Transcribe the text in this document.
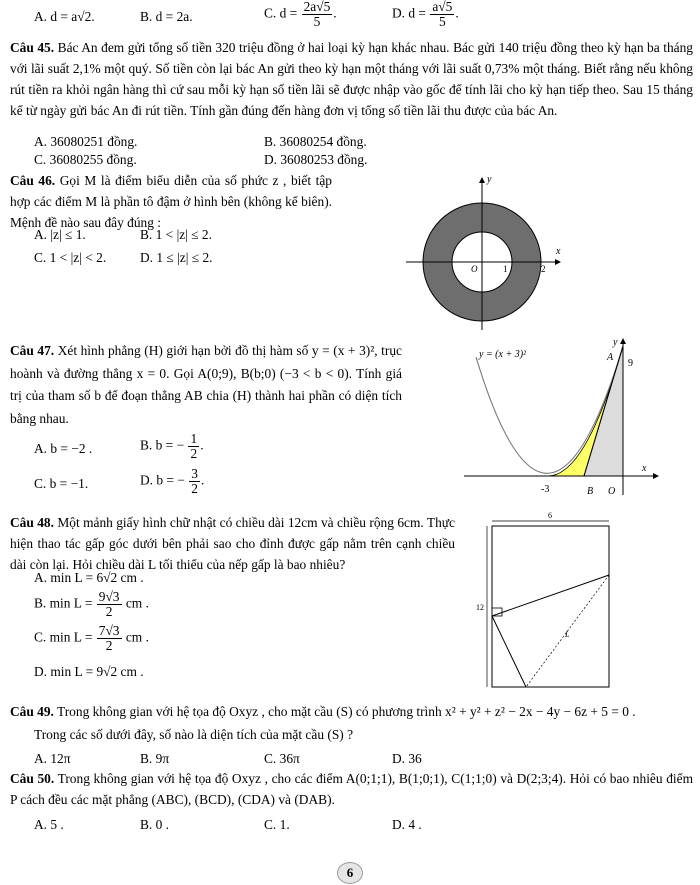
A. d = a√2.	B. d = 2a.	C. $d = \frac{2a√5}{5}$ .	D. $d = \frac{a√5}{5}$ .
Câu 45. Bác An đem gửi tổng số tiền 320 triệu đồng ở hai loại kỳ hạn khác nhau. Bác gửi 140 triệu đồng theo kỳ hạn ba tháng với lãi suất 2,1% một quý. Số tiền còn lại bác An gửi theo kỳ hạn một tháng với lãi suất 0,73% một tháng. Biết rằng nếu không rút tiền ra khỏi ngân hàng thì cứ sau mỗi kỳ hạn số tiền lãi sẽ được nhập vào gốc để tính lãi cho kỳ hạn tiếp theo. Sau 15 tháng kể từ ngày gửi bác An đi rút tiền. Tính gần đúng đến hàng đơn vị tổng số tiền lãi thu được của bác An.
A. 36080251 đồng.	B. 36080254 đồng.
C. 36080255 đồng.	D. 36080253 đồng.
Câu 46. Gọi M là điểm biểu diễn của số phức z , biết tập hợp các điểm M là phần tô đậm ở hình bên (không kể biên). Mệnh đề nào sau đây đúng :
A. |z| ≤ 1.	B. 1 < |z| ≤ 2.
C. 1 < |z| < 2.	D. 1 ≤ |z| ≤ 2.
y
x
O	1	2
Câu 47. Xét hình phẳng (H) giới hạn bởi đồ thị hàm số y = (x + 3)², trục hoành và đường thẳng x = 0. Gọi A(0;9), B(b;0) (−3 < b < 0). Tính giá trị của tham số b để đoạn thẳng AB chia (H) thành hai phần có diện tích bằng nhau.
A. b = −2 .	B. b = − $\frac{1}{2}$ .
C. b = −1.	D. b = − $\frac{3}{2}$ .
y
y = (x + 3)²	A
9
x
-3	B O
Câu 48. Một mảnh giấy hình chữ nhật có chiều dài 12cm và chiều rộng 6cm. Thực hiện thao tác gấp góc dưới bên phải sao cho đỉnh được gấp nằm trên cạnh chiều dài còn lại. Hỏi chiều dài L tối thiểu của nếp gấp là bao nhiêu?
A. min L = 6√2 cm .
B. $\min L = \frac{9√3}{2}$ cm .
C. $\min L = \frac{7√3}{2}$ cm .
D. min L = 9√2 cm .
6
12
L
Câu 49. Trong không gian với hệ tọa độ Oxyz , cho mặt cầu (S) có phương trình x² + y² + z² − 2x − 4y − 6z + 5 = 0 .
Trong các số dưới đây, số nào là diện tích của mặt cầu (S) ?
A. 12π	B. 9π	C. 36π	D. 36
Câu 50. Trong không gian với hệ tọa độ Oxyz , cho các điểm A(0;1;1), B(1;0;1), C(1;1;0) và D(2;3;4). Hỏi có bao nhiêu điểm P cách đều các mặt phẳng (ABC), (BCD), (CDA) và (DAB).
A. 5 .	B. 0 .	C. 1.	D. 4 .
6
